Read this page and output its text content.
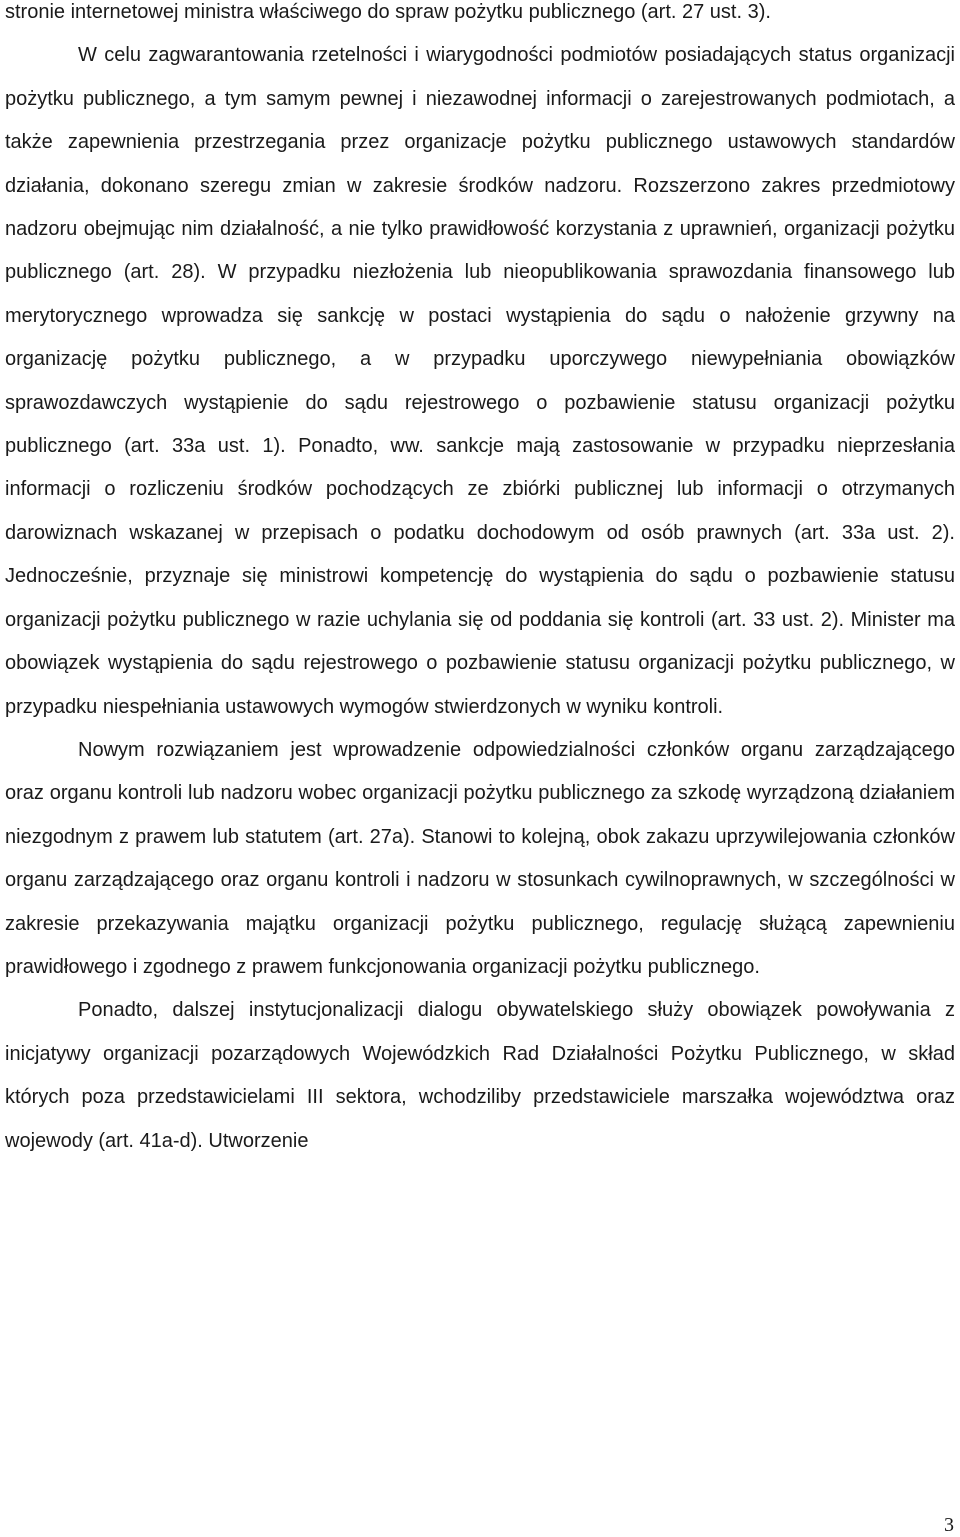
stronie internetowej ministra właściwego do spraw pożytku publicznego (art. 27 ust. 3).

W celu zagwarantowania rzetelności i wiarygodności podmiotów posiadających status organizacji pożytku publicznego, a tym samym pewnej i niezawodnej informacji o zarejestrowanych podmiotach, a także zapewnienia przestrzegania przez organizacje pożytku publicznego ustawowych standardów działania, dokonano szeregu zmian w zakresie środków nadzoru. Rozszerzono zakres przedmiotowy nadzoru obejmując nim działalność, a nie tylko prawidłowość korzystania z uprawnień, organizacji pożytku publicznego (art. 28). W przypadku niezłożenia lub nieopublikowania sprawozdania finansowego lub merytorycznego wprowadza się sankcję w postaci wystąpienia do sądu o nałożenie grzywny na organizację pożytku publicznego, a w przypadku uporczywego niewypełniania obowiązków sprawozdawczych wystąpienie do sądu rejestrowego o pozbawienie statusu organizacji pożytku publicznego (art. 33a ust. 1). Ponadto, ww. sankcje mają zastosowanie w przypadku nieprzesłania informacji o rozliczeniu środków pochodzących ze zbiórki publicznej lub informacji o otrzymanych darowiznach wskazanej w przepisach o podatku dochodowym od osób prawnych (art. 33a ust. 2). Jednocześnie, przyznaje się ministrowi kompetencję do wystąpienia do sądu o pozbawienie statusu organizacji pożytku publicznego w razie uchylania się od poddania się kontroli (art. 33 ust. 2). Minister ma obowiązek wystąpienia do sądu rejestrowego o pozbawienie statusu organizacji pożytku publicznego, w przypadku niespełniania ustawowych wymogów stwierdzonych w wyniku kontroli.

Nowym rozwiązaniem jest wprowadzenie odpowiedzialności członków organu zarządzającego oraz organu kontroli lub nadzoru wobec organizacji pożytku publicznego za szkodę wyrządzoną działaniem niezgodnym z prawem lub statutem (art. 27a). Stanowi to kolejną, obok zakazu uprzywilejowania członków organu zarządzającego oraz organu kontroli i nadzoru w stosunkach cywilnoprawnych, w szczególności w zakresie przekazywania majątku organizacji pożytku publicznego, regulację służącą zapewnieniu prawidłowego i zgodnego z prawem funkcjonowania organizacji pożytku publicznego.

Ponadto, dalszej instytucjonalizacji dialogu obywatelskiego służy obowiązek powoływania z inicjatywy organizacji pozarządowych Wojewódzkich Rad Działalności Pożytku Publicznego, w skład których poza przedstawicielami III sektora, wchodziliby przedstawiciele marszałka województwa oraz wojewody (art. 41a-d). Utworzenie

3
